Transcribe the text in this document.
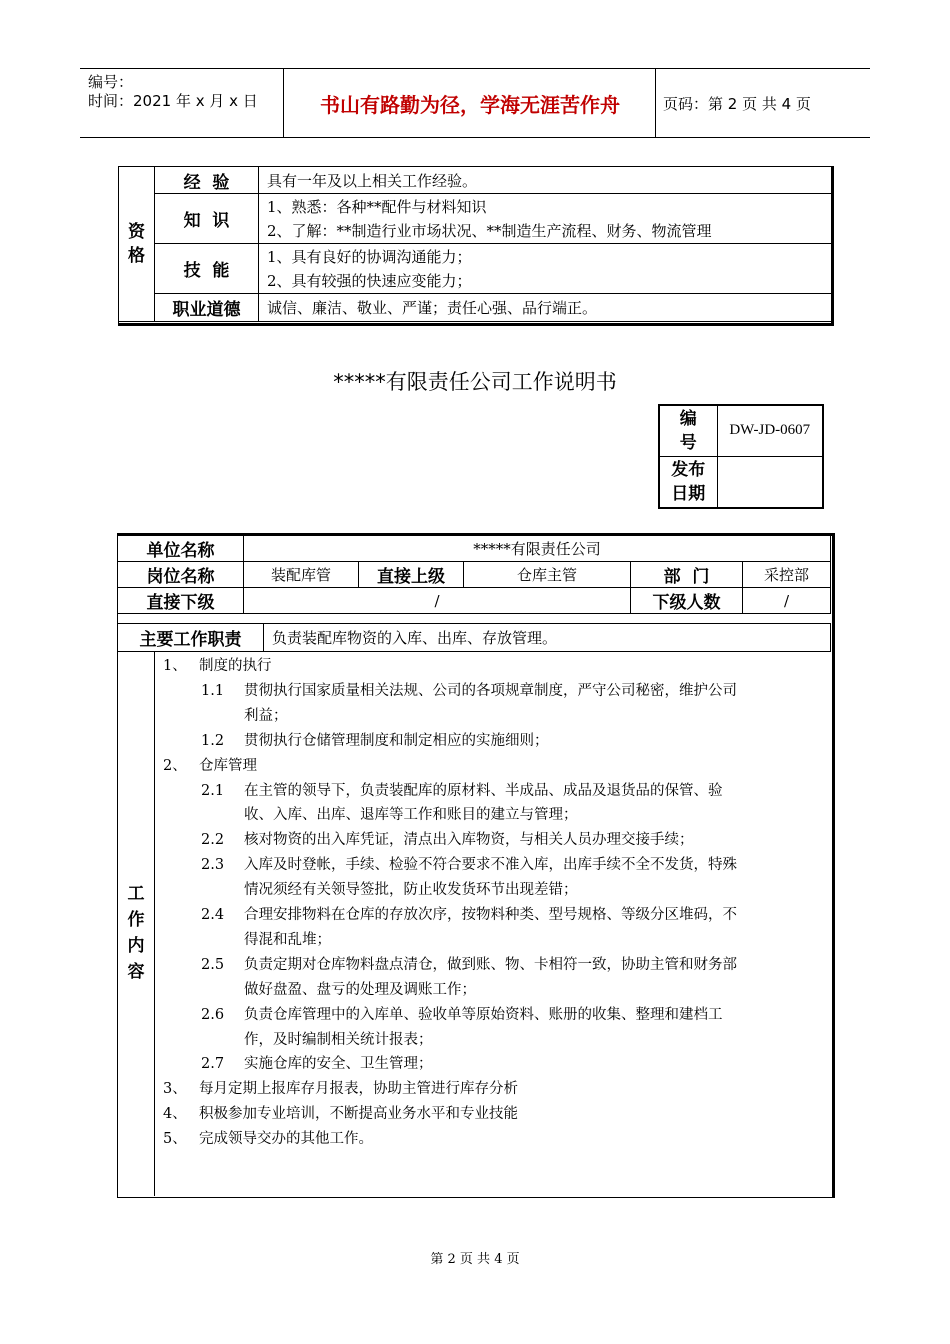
编号：
时间：2021 年 x 月 x 日	书山有路勤为径，学海无涯苦作舟	页码：第 2 页 共 4 页
资格	经  验	具有一年及以上相关工作经验。
	知  识	1、熟悉：各种**配件与材料知识
2、了解：**制造行业市场状况、**制造生产流程、财务、物流管理

	技  能	1、具有良好的协调沟通能力；
2、具有较强的快速应变能力；

	职业道德	诚信、廉洁、敬业、严谨；责任心强、品行端正。
*****有限责任公司工作说明书
编号	DW-JD-0607

发布日期	

单位名称	*****有限责任公司				
岗位名称	装配库管	直接上级	仓库主管	部  门	采控部
直接下级	/			下级人数	/
主要工作职责	负责装配库物资的入库、出库、存放管理。
工作内容
1、 制度的执行
1.1 贯彻执行国家质量相关法规、公司的各项规章制度，严守公司秘密，维护公司
利益；
1.2 贯彻执行仓储管理制度和制定相应的实施细则；
2、 仓库管理
2.1 在主管的领导下，负责装配库的原材料、半成品、成品及退货品的保管、验
收、入库、出库、退库等工作和账目的建立与管理；
2.2 核对物资的出入库凭证，清点出入库物资，与相关人员办理交接手续；
2.3 入库及时登帐，手续、检验不符合要求不准入库，出库手续不全不发货，特殊
情况须经有关领导签批，防止收发货环节出现差错；
2.4 合理安排物料在仓库的存放次序，按物料种类、型号规格、等级分区堆码，不
得混和乱堆；
2.5 负责定期对仓库物料盘点清仓，做到账、物、卡相符一致，协助主管和财务部
做好盘盈、盘亏的处理及调账工作；
2.6 负责仓库管理中的入库单、验收单等原始资料、账册的收集、整理和建档工
作，及时编制相关统计报表；
2.7 实施仓库的安全、卫生管理；
3、 每月定期上报库存月报表，协助主管进行库存分析
4、 积极参加专业培训，不断提高业务水平和专业技能
5、 完成领导交办的其他工作。
第 2 页 共 4 页
